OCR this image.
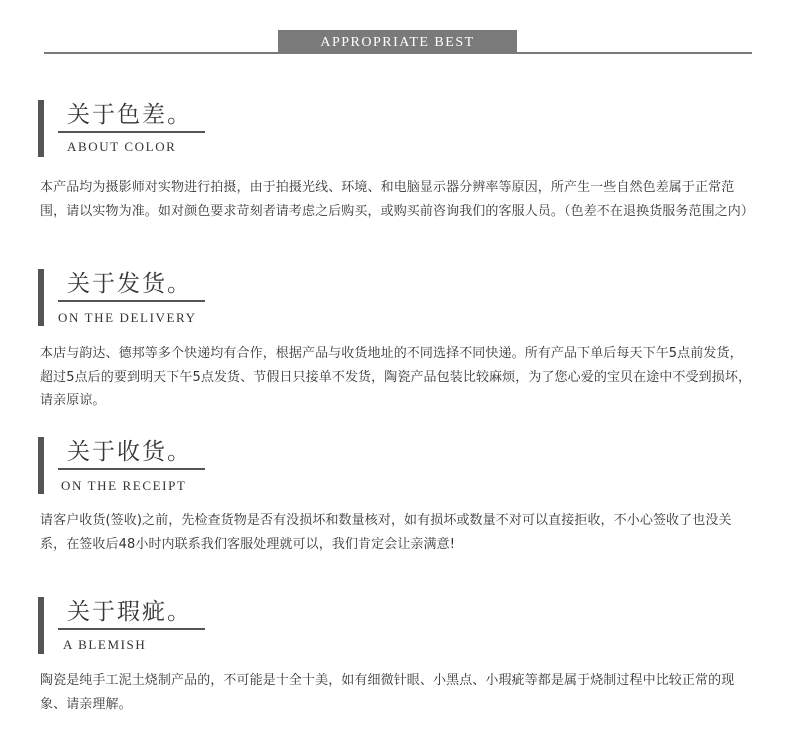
APPROPRIATE BEST
关于色差。
ABOUT COLOR
本产品均为摄影师对实物进行拍摄，由于拍摄光线、环境、和电脑显示器分辨率等原因，所产生一些自然色差属于正常范围，请以实物为准。如对颜色要求苛刻者请考虑之后购买，或购买前咨询我们的客服人员。（色差不在退换货服务范围之内）
关于发货。
ON THE DELIVERY
本店与韵达、德邦等多个快递均有合作，根据产品与收货地址的不同选择不同快递。所有产品下单后每天下午5点前发货，超过5点后的要到明天下午5点发货、节假日只接单不发货，陶瓷产品包装比较麻烦，为了您心爱的宝贝在途中不受到损坏，请亲原谅。
关于收货。
ON THE RECEIPT
请客户收货(签收)之前，先检查货物是否有没损坏和数量核对，如有损坏或数量不对可以直接拒收，不小心签收了也没关系，在签收后48小时内联系我们客服处理就可以，我们肯定会让亲满意!
关于瑕疵。
A BLEMISH
陶瓷是纯手工泥土烧制产品的，不可能是十全十美，如有细微针眼、小黑点、小瑕疵等都是属于烧制过程中比较正常的现象、请亲理解。
